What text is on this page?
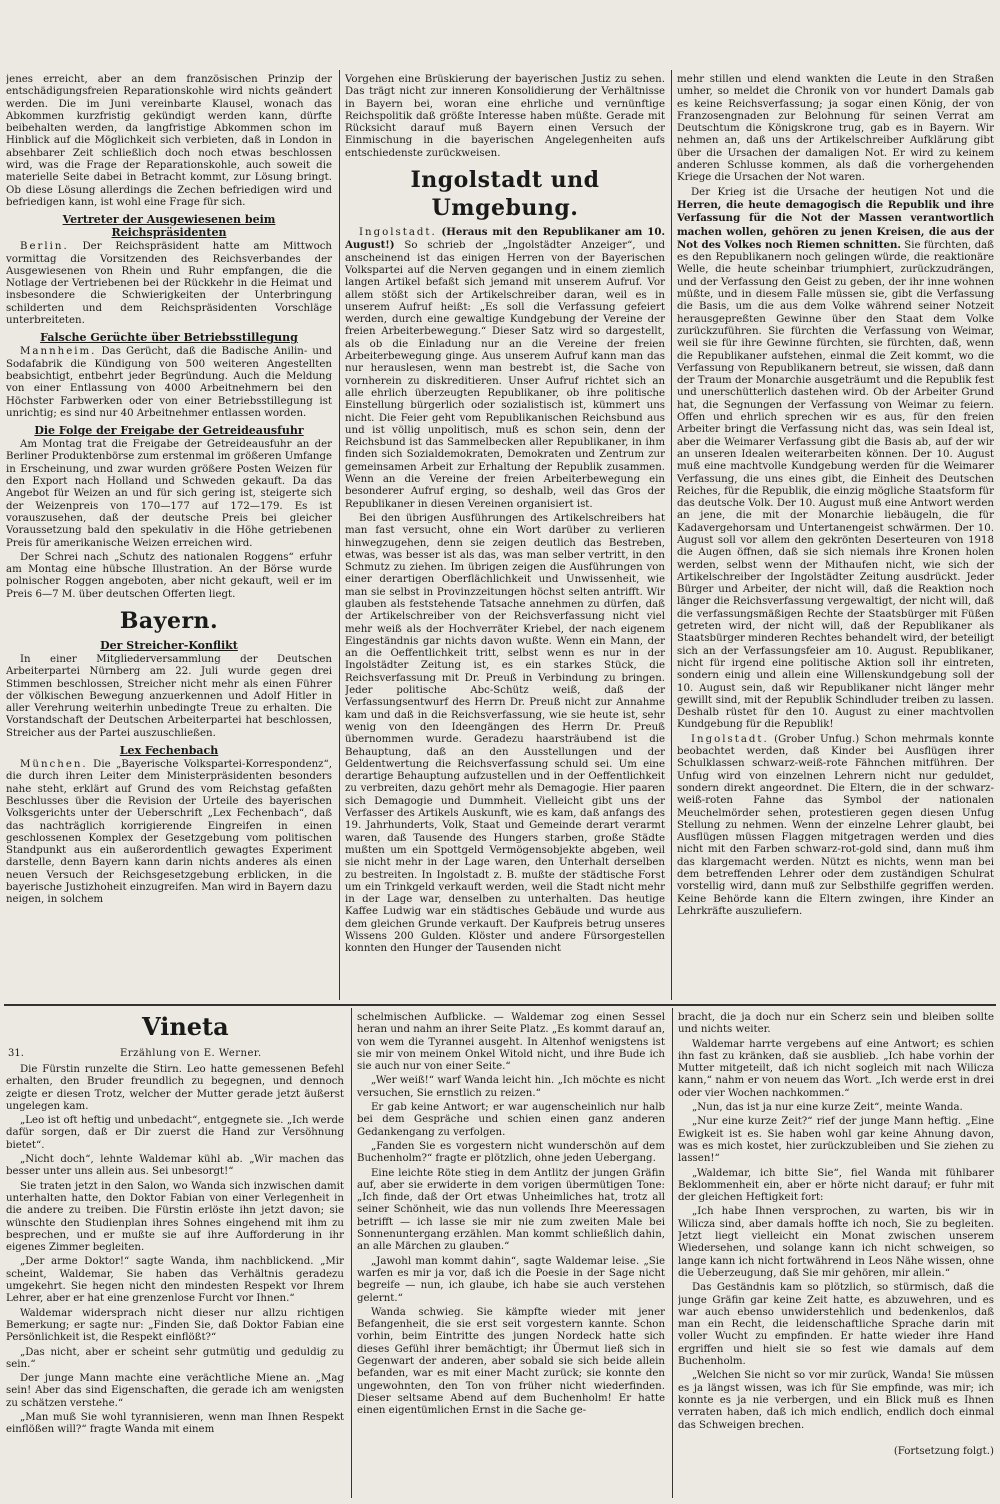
jenes erreicht, aber an dem französischen Prinzip der entschädigungsfreien Reparationskohle wird nichts geändert werden. Die im Juni vereinbarte Klausel, wonach das Abkommen kurzfristig gekündigt werden kann, dürfte beibehalten werden, da langfristige Abkommen schon im Hinblick auf die Möglichkeit sich verbieten, daß in London in absehbarer Zeit schließlich doch noch etwas beschlossen wird, was die Frage der Reparationskohle, auch soweit die materielle Seite dabei in Betracht kommt, zur Lösung bringt. Ob diese Lösung allerdings die Zechen befriedigen wird und befriedigen kann, ist wohl eine Frage für sich.

Vertreter der Ausgewiesenen beim Reichspräsidenten

Berlin. Der Reichspräsident hatte am Mittwoch vormittag die Vorsitzenden des Reichsverbandes der Ausgewiesenen von Rhein und Ruhr empfangen, die die Notlage der Vertriebenen bei der Rückkehr in die Heimat und insbesondere die Schwierigkeiten der Unterbringung schilderten und dem Reichspräsidenten Vorschläge unterbreiteten.

Falsche Gerüchte über Betriebsstillegung

Mannheim. Das Gerücht, daß die Badische Anilin- und Sodafabrik die Kündigung von 500 weiteren Angestellten beabsichtigt, entbehrt jeder Begründung. Auch die Meldung von einer Entlassung von 4000 Arbeitnehmern bei den Höchster Farbwerken oder von einer Betriebsstillegung ist unrichtig; es sind nur 40 Arbeitnehmer entlassen worden.

Die Folge der Freigabe der Getreideausfuhr

Am Montag trat die Freigabe der Getreideausfuhr an der Berliner Produktenbörse zum erstenmal im größeren Umfange in Erscheinung, und zwar wurden größere Posten Weizen für den Export nach Holland und Schweden gekauft. Da das Angebot für Weizen an und für sich gering ist, steigerte sich der Weizenpreis von 170—177 auf 172—179. Es ist vorauszusehen, daß der deutsche Preis bei gleicher Voraussetzung bald den spekulativ in die Höhe getriebenen Preis für amerikanische Weizen erreichen wird.

Der Schrei nach „Schutz des nationalen Roggens“ erfuhr am Montag eine hübsche Illustration. An der Börse wurde polnischer Roggen angeboten, aber nicht gekauft, weil er im Preis 6—7 M. über deutschen Offerten liegt.

Bayern.
Der Streicher-Konflikt

In einer Mitgliederversammlung der Deutschen Arbeiterpartei Nürnberg am 22. Juli wurde gegen drei Stimmen beschlossen, Streicher nicht mehr als einen Führer der völkischen Bewegung anzuerkennen und Adolf Hitler in aller Verehrung weiterhin unbedingte Treue zu erhalten. Die Vorstandschaft der Deutschen Arbeiterpartei hat beschlossen, Streicher aus der Partei auszuschließen.

Lex Fechenbach

München. Die „Bayerische Volkspartei-Korrespondenz“, die durch ihren Leiter dem Ministerpräsidenten besonders nahe steht, erklärt auf Grund des vom Reichstag gefaßten Beschlusses über die Revision der Urteile des bayerischen Volksgerichts unter der Ueberschrift „Lex Fechenbach“, daß das nachträglich korrigierende Eingreifen in einen geschlossenen Komplex der Gesetzgebung vom politischen Standpunkt aus ein außerordentlich gewagtes Experiment darstelle, denn Bayern kann darin nichts anderes als einen neuen Versuch der Reichsgesetzgebung erblicken, in die bayerische Justizhoheit einzugreifen. Man wird in Bayern dazu neigen, in solchem

Vorgehen eine Brüskierung der bayerischen Justiz zu sehen. Das trägt nicht zur inneren Konsolidierung der Verhältnisse in Bayern bei, woran eine ehrliche und vernünftige Reichspolitik daß größte Interesse haben müßte. Gerade mit Rücksicht darauf muß Bayern einen Versuch der Einmischung in die bayerischen Angelegenheiten aufs entschiedenste zurückweisen.

Ingolstadt und Umgebung.

Ingolstadt. (Heraus mit den Republikaner am 10. August!) So schrieb der „Ingolstädter Anzeiger“, und anscheinend ist das einigen Herren von der Bayerischen Volkspartei auf die Nerven gegangen und in einem ziemlich langen Artikel befaßt sich jemand mit unserem Aufruf. Vor allem stößt sich der Artikelschreiber daran, weil es in unserem Aufruf heißt: „Es soll die Verfassung gefeiert werden, durch eine gewaltige Kundgebung der Vereine der freien Arbeiterbewegung.“ Dieser Satz wird so dargestellt, als ob die Einladung nur an die Vereine der freien Arbeiterbewegung ginge. Aus unserem Aufruf kann man das nur herauslesen, wenn man bestrebt ist, die Sache von vornherein zu diskreditieren. Unser Aufruf richtet sich an alle ehrlich überzeugten Republikaner, ob ihre politische Einstellung bürgerlich oder sozialistisch ist, kümmert uns nicht. Die Feier geht vom Republikanischen Reichsbund aus und ist völlig unpolitisch, muß es schon sein, denn der Reichsbund ist das Sammelbecken aller Republikaner, in ihm finden sich Sozialdemokraten, Demokraten und Zentrum zur gemeinsamen Arbeit zur Erhaltung der Republik zusammen. Wenn an die Vereine der freien Arbeiterbewegung ein besonderer Aufruf erging, so deshalb, weil das Gros der Republikaner in diesen Vereinen organisiert ist.

Bei den übrigen Ausführungen des Artikelschreibers hat man fast versucht, ohne ein Wort darüber zu verlieren hinwegzugehen, denn sie zeigen deutlich das Bestreben, etwas, was besser ist als das, was man selber vertritt, in den Schmutz zu ziehen. Im übrigen zeigen die Ausführungen von einer derartigen Oberflächlichkeit und Unwissenheit, wie man sie selbst in Provinzzeitungen höchst selten antrifft. Wir glauben als feststehende Tatsache annehmen zu dürfen, daß der Artikelschreiber von der Reichsverfassung nicht viel mehr weiß als der Hochverräter Kriebel, der nach eigenem Eingeständnis gar nichts davon wußte. Wenn ein Mann, der an die Oeffentlichkeit tritt, selbst wenn es nur in der Ingolstädter Zeitung ist, es ein starkes Stück, die Reichsverfassung mit Dr. Preuß in Verbindung zu bringen. Jeder politische Abc-Schütz weiß, daß der Verfassungsentwurf des Herrn Dr. Preuß nicht zur Annahme kam und daß in die Reichsverfassung, wie sie heute ist, sehr wenig von den Ideengängen des Herrn Dr. Preuß übernommen wurde. Geradezu haarsträubend ist die Behauptung, daß an den Ausstellungen und der Geldentwertung die Reichsverfassung schuld sei. Um eine derartige Behauptung aufzustellen und in der Oeffentlichkeit zu verbreiten, dazu gehört mehr als Demagogie. Hier paaren sich Demagogie und Dummheit. Vielleicht gibt uns der Verfasser des Artikels Auskunft, wie es kam, daß anfangs des 19. Jahrhunderts, Volk, Staat und Gemeinde derart verarmt waren, daß Tausende des Hungers starben, große Städte mußten um ein Spottgeld Vermögensobjekte abgeben, weil sie nicht mehr in der Lage waren, den Unterhalt derselben zu bestreiten. In Ingolstadt z. B. mußte der städtische Forst um ein Trinkgeld verkauft werden, weil die Stadt nicht mehr in der Lage war, denselben zu unterhalten. Das heutige Kaffee Ludwig war ein städtisches Gebäude und wurde aus dem gleichen Grunde verkauft. Der Kaufpreis betrug unseres Wissens 200 Gulden. Klöster und andere Fürsorgestellen konnten den Hunger der Tausenden nicht

mehr stillen und elend wankten die Leute in den Straßen umher, so meldet die Chronik von vor hundert Damals gab es keine Reichsverfassung; ja sogar einen König, der von Franzosengnaden zur Belohnung für seinen Verrat am Deutschtum die Königskrone trug, gab es in Bayern. Wir nehmen an, daß uns der Artikelschreiber Aufklärung gibt über die Ursachen der damaligen Not. Er wird zu keinem anderen Schlusse kommen, als daß die vorhergehenden Kriege die Ursachen der Not waren.

Der Krieg ist die Ursache der heutigen Not und die Herren, die heute demagogisch die Republik und ihre Verfassung für die Not der Massen verantwortlich machen wollen, gehören zu jenen Kreisen, die aus der Not des Volkes noch Riemen schnitten. Sie fürchten, daß es den Republikanern noch gelingen würde, die reaktionäre Welle, die heute scheinbar triumphiert, zurückzudrängen, und der Verfassung den Geist zu geben, der ihr inne wohnen müßte, und in diesem Falle müssen sie, gibt die Verfassung die Basis, um die aus dem Volke während seiner Notzeit herausgepreßten Gewinne über den Staat dem Volke zurückzuführen. Sie fürchten die Verfassung von Weimar, weil sie für ihre Gewinne fürchten, sie fürchten, daß, wenn die Republikaner aufstehen, einmal die Zeit kommt, wo die Verfassung von Republikanern betreut, sie wissen, daß dann der Traum der Monarchie ausgeträumt und die Republik fest und unerschütterlich dastehen wird. Ob der Arbeiter Grund hat, die Segnungen der Verfassung von Weimar zu feiern. Offen und ehrlich sprechen wir es aus, für den freien Arbeiter bringt die Verfassung nicht das, was sein Ideal ist, aber die Weimarer Verfassung gibt die Basis ab, auf der wir an unseren Idealen weiterarbeiten können. Der 10. August muß eine machtvolle Kundgebung werden für die Weimarer Verfassung, die uns eines gibt, die Einheit des Deutschen Reiches, für die Republik, die einzig mögliche Staatsform für das deutsche Volk. Der 10. August muß eine Antwort werden an jene, die mit der Monarchie liebäugeln, die für Kadavergehorsam und Untertanengeist schwärmen. Der 10. August soll vor allem den gekrönten Deserteuren von 1918 die Augen öffnen, daß sie sich niemals ihre Kronen holen werden, selbst wenn der Mithaufen nicht, wie sich der Artikelschreiber der Ingolstädter Zeitung ausdrückt. Jeder Bürger und Arbeiter, der nicht will, daß die Reaktion noch länger die Reichsverfassung vergewaltigt, der nicht will, daß die verfassungsmäßigen Rechte der Staatsbürger mit Füßen getreten wird, der nicht will, daß der Republikaner als Staatsbürger minderen Rechtes behandelt wird, der beteiligt sich an der Verfassungsfeier am 10. August. Republikaner, nicht für irgend eine politische Aktion soll ihr eintreten, sondern einig und allein eine Willenskundgebung soll der 10. August sein, daß wir Republikaner nicht länger mehr gewillt sind, mit der Republik Schindluder treiben zu lassen. Deshalb rüstet für den 10. August zu einer machtvollen Kundgebung für die Republik!

Ingolstadt. (Grober Unfug.) Schon mehrmals konnte beobachtet werden, daß Kinder bei Ausflügen ihrer Schulklassen schwarz-weiß-rote Fähnchen mitführen. Der Unfug wird von einzelnen Lehrern nicht nur geduldet, sondern direkt angeordnet. Die Eltern, die in der schwarz-weiß-roten Fahne das Symbol der nationalen Meuchelmörder sehen, protestieren gegen diesen Unfug Stellung zu nehmen. Wenn der einzelne Lehrer glaubt, bei Ausflügen müssen Flaggen mitgetragen werden und dies nicht mit den Farben schwarz-rot-gold sind, dann muß ihm das klargemacht werden. Nützt es nichts, wenn man bei dem betreffenden Lehrer oder dem zuständigen Schulrat vorstellig wird, dann muß zur Selbsthilfe gegriffen werden. Keine Behörde kann die Eltern zwingen, ihre Kinder an Lehrkräfte auszuliefern.

Vineta
31.	Erzählung von E. Werner.

Die Fürstin runzelte die Stirn. Leo hatte gemessenen Befehl erhalten, den Bruder freundlich zu begegnen, und dennoch zeigte er diesen Trotz, welcher der Mutter gerade jetzt äußerst ungelegen kam.

„Leo ist oft heftig und unbedacht“, entgegnete sie. „Ich werde dafür sorgen, daß er Dir zuerst die Hand zur Versöhnung bietet“.

„Nicht doch“, lehnte Waldemar kühl ab. „Wir machen das besser unter uns allein aus. Sei unbesorgt!“

Sie traten jetzt in den Salon, wo Wanda sich inzwischen damit unterhalten hatte, den Doktor Fabian von einer Verlegenheit in die andere zu treiben. Die Fürstin erlöste ihn jetzt davon; sie wünschte den Studienplan ihres Sohnes eingehend mit ihm zu besprechen, und er mußte sie auf ihre Aufforderung in ihr eigenes Zimmer begleiten.

„Der arme Doktor!“ sagte Wanda, ihm nachblickend. „Mir scheint, Waldemar, Sie haben das Verhältnis geradezu umgekehrt. Sie hegen nicht den mindesten Respekt vor Ihrem Lehrer, aber er hat eine grenzenlose Furcht vor Ihnen.“

Waldemar widersprach nicht dieser nur allzu richtigen Bemerkung; er sagte nur: „Finden Sie, daß Doktor Fabian eine Persönlichkeit ist, die Respekt einflößt?“

„Das nicht, aber er scheint sehr gutmütig und geduldig zu sein.“

Der junge Mann machte eine verächtliche Miene an. „Mag sein! Aber das sind Eigenschaften, die gerade ich am wenigsten zu schätzen verstehe.“

„Man muß Sie wohl tyrannisieren, wenn man Ihnen Respekt einflößen will?“ fragte Wanda mit einem

schelmischen Aufblicke. — Waldemar zog einen Sessel heran und nahm an ihrer Seite Platz. „Es kommt darauf an, von wem die Tyrannei ausgeht. In Altenhof wenigstens ist sie mir von meinem Onkel Witold nicht, und ihre Bude ich sie auch nur von einer Seite.“

„Wer weiß!“ warf Wanda leicht hin. „Ich möchte es nicht versuchen, Sie ernstlich zu reizen.“

Er gab keine Antwort; er war augenscheinlich nur halb bei dem Gespräche und schien einen ganz anderen Gedankengang zu verfolgen.

„Fanden Sie es vorgestern nicht wunderschön auf dem Buchenholm?“ fragte er plötzlich, ohne jeden Uebergang.

Eine leichte Röte stieg in dem Antlitz der jungen Gräfin auf, aber sie erwiderte in dem vorigen übermütigen Tone: „Ich finde, daß der Ort etwas Unheimliches hat, trotz all seiner Schönheit, wie das nun vollends Ihre Meeressagen betrifft — ich lasse sie mir nie zum zweiten Male bei Sonnenuntergang erzählen. Man kommt schließlich dahin, an alle Märchen zu glauben.“

„Jawohl man kommt dahin“, sagte Waldemar leise. „Sie warfen es mir ja vor, daß ich die Poesie in der Sage nicht begreife — nun, ich glaube, ich habe sie auch verstehen gelernt.“

Wanda schwieg. Sie kämpfte wieder mit jener Befangenheit, die sie erst seit vorgestern kannte. Schon vorhin, beim Eintritte des jungen Nordeck hatte sich dieses Gefühl ihrer bemächtigt; ihr Übermut ließ sich in Gegenwart der anderen, aber sobald sie sich beide allein befanden, war es mit einer Macht zurück; sie konnte den ungewohnten, den Ton von früher nicht wiederfinden. Dieser seltsame Abend auf dem Buchenholm! Er hatte einen eigentümlichen Ernst in die Sache ge-

bracht, die ja doch nur ein Scherz sein und bleiben sollte und nichts weiter.

Waldemar harrte vergebens auf eine Antwort; es schien ihn fast zu kränken, daß sie ausblieb. „Ich habe vorhin der Mutter mitgeteilt, daß ich nicht sogleich mit nach Wilicza kann,“ nahm er von neuem das Wort. „Ich werde erst in drei oder vier Wochen nachkommen.“

„Nun, das ist ja nur eine kurze Zeit“, meinte Wanda.

„Nur eine kurze Zeit?“ rief der junge Mann heftig. „Eine Ewigkeit ist es. Sie haben wohl gar keine Ahnung davon, was es mich kostet, hier zurückzubleiben und Sie ziehen zu lassen!“

„Waldemar, ich bitte Sie“, fiel Wanda mit fühlbarer Beklommenheit ein, aber er hörte nicht darauf; er fuhr mit der gleichen Heftigkeit fort:

„Ich habe Ihnen versprochen, zu warten, bis wir in Wilicza sind, aber damals hoffte ich noch, Sie zu begleiten. Jetzt liegt vielleicht ein Monat zwischen unserem Wiedersehen, und solange kann ich nicht schweigen, so lange kann ich nicht fortwährend in Leos Nähe wissen, ohne die Ueberzeugung, daß Sie mir gehören, mir allein.“

Das Geständnis kam so plötzlich, so stürmisch, daß die junge Gräfin gar keine Zeit hatte, es abzuwehren, und es war auch ebenso unwiderstehlich und bedenkenlos, daß man ein Recht, die leidenschaftliche Sprache darin mit voller Wucht zu empfinden. Er hatte wieder ihre Hand ergriffen und hielt sie so fest wie damals auf dem Buchenholm.

„Welchen Sie nicht so vor mir zurück, Wanda! Sie müssen es ja längst wissen, was ich für Sie empfinde, was mir; ich konnte es ja nie verbergen, und ein Blick muß es Ihnen verraten haben, daß ich mich endlich, endlich doch einmal das Schweigen brechen.

(Fortsetzung folgt.)
